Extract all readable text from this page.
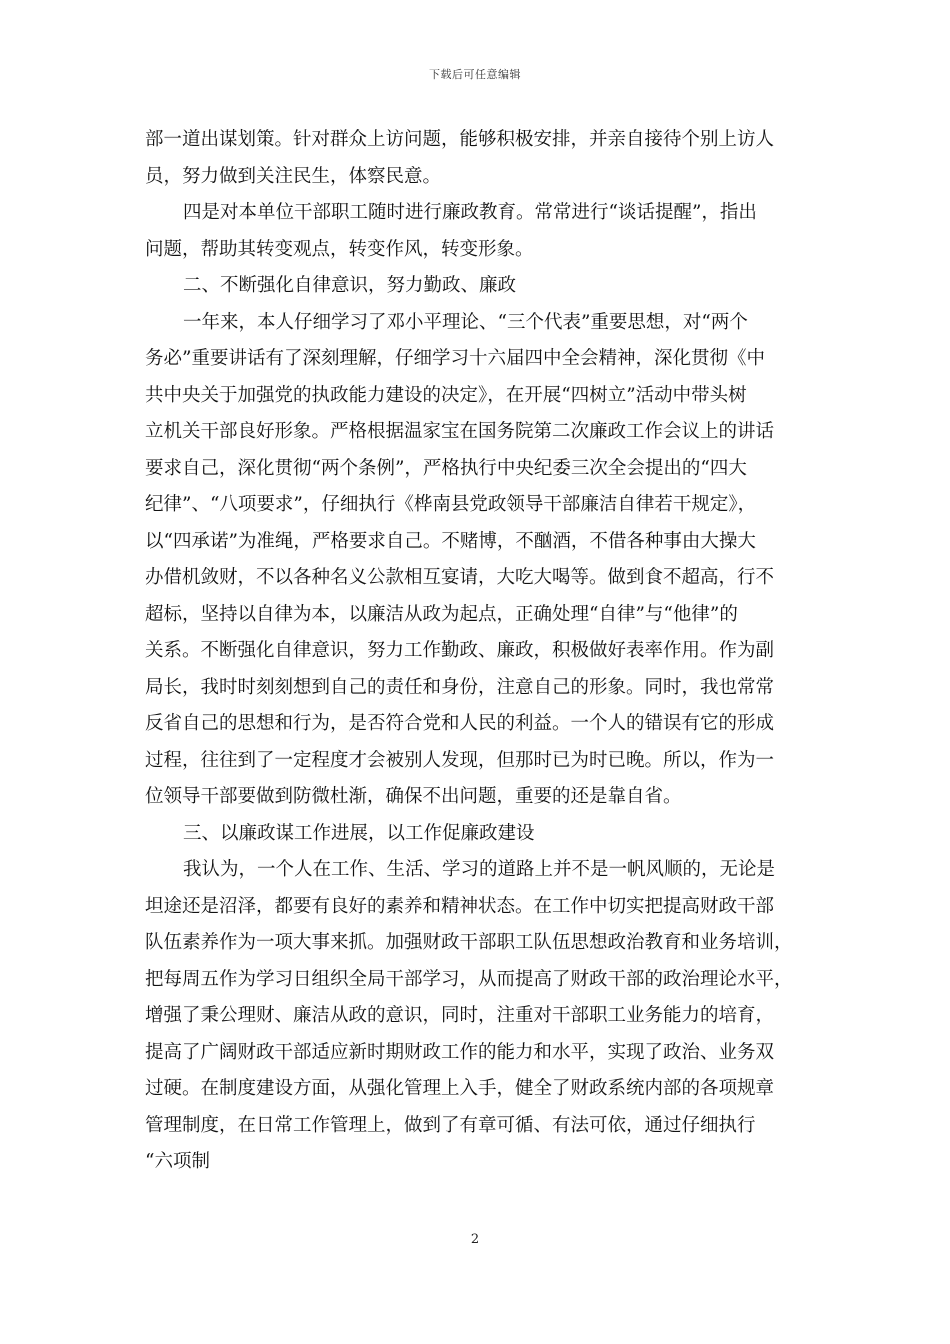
下载后可任意编辑
部一道出谋划策。针对群众上访问题，能够积极安排，并亲自接待个别上访人
员，努力做到关注民生，体察民意。
四是对本单位干部职工随时进行廉政教育。常常进行“谈话提醒”，指出
问题，帮助其转变观点，转变作风，转变形象。
二、不断强化自律意识，努力勤政、廉政
一年来，本人仔细学习了邓小平理论、“三个代表”重要思想，对“两个
务必”重要讲话有了深刻理解，仔细学习十六届四中全会精神，深化贯彻《中
共中央关于加强党的执政能力建设的决定》，在开展“四树立”活动中带头树
立机关干部良好形象。严格根据温家宝在国务院第二次廉政工作会议上的讲话
要求自己，深化贯彻“两个条例”，严格执行中央纪委三次全会提出的“四大
纪律”、“八项要求”，仔细执行《桦南县党政领导干部廉洁自律若干规定》，
以“四承诺”为准绳，严格要求自己。不赌博，不酗酒，不借各种事由大操大
办借机敛财，不以各种名义公款相互宴请，大吃大喝等。做到食不超高，行不
超标，坚持以自律为本，以廉洁从政为起点，正确处理“自律”与“他律”的
关系。不断强化自律意识，努力工作勤政、廉政，积极做好表率作用。作为副
局长，我时时刻刻想到自己的责任和身份，注意自己的形象。同时，我也常常
反省自己的思想和行为，是否符合党和人民的利益。一个人的错误有它的形成
过程，往往到了一定程度才会被别人发现，但那时已为时已晚。所以，作为一
位领导干部要做到防微杜渐，确保不出问题，重要的还是靠自省。
三、以廉政谋工作进展，以工作促廉政建设
我认为，一个人在工作、生活、学习的道路上并不是一帆风顺的，无论是
坦途还是沼泽，都要有良好的素养和精神状态。在工作中切实把提高财政干部
队伍素养作为一项大事来抓。加强财政干部职工队伍思想政治教育和业务培训，
把每周五作为学习日组织全局干部学习，从而提高了财政干部的政治理论水平，
增强了秉公理财、廉洁从政的意识，同时，注重对干部职工业务能力的培育，
提高了广阔财政干部适应新时期财政工作的能力和水平，实现了政治、业务双
过硬。在制度建设方面，从强化管理上入手，健全了财政系统内部的各项规章
管理制度，在日常工作管理上，做到了有章可循、有法可依，通过仔细执行
“六项制
2
